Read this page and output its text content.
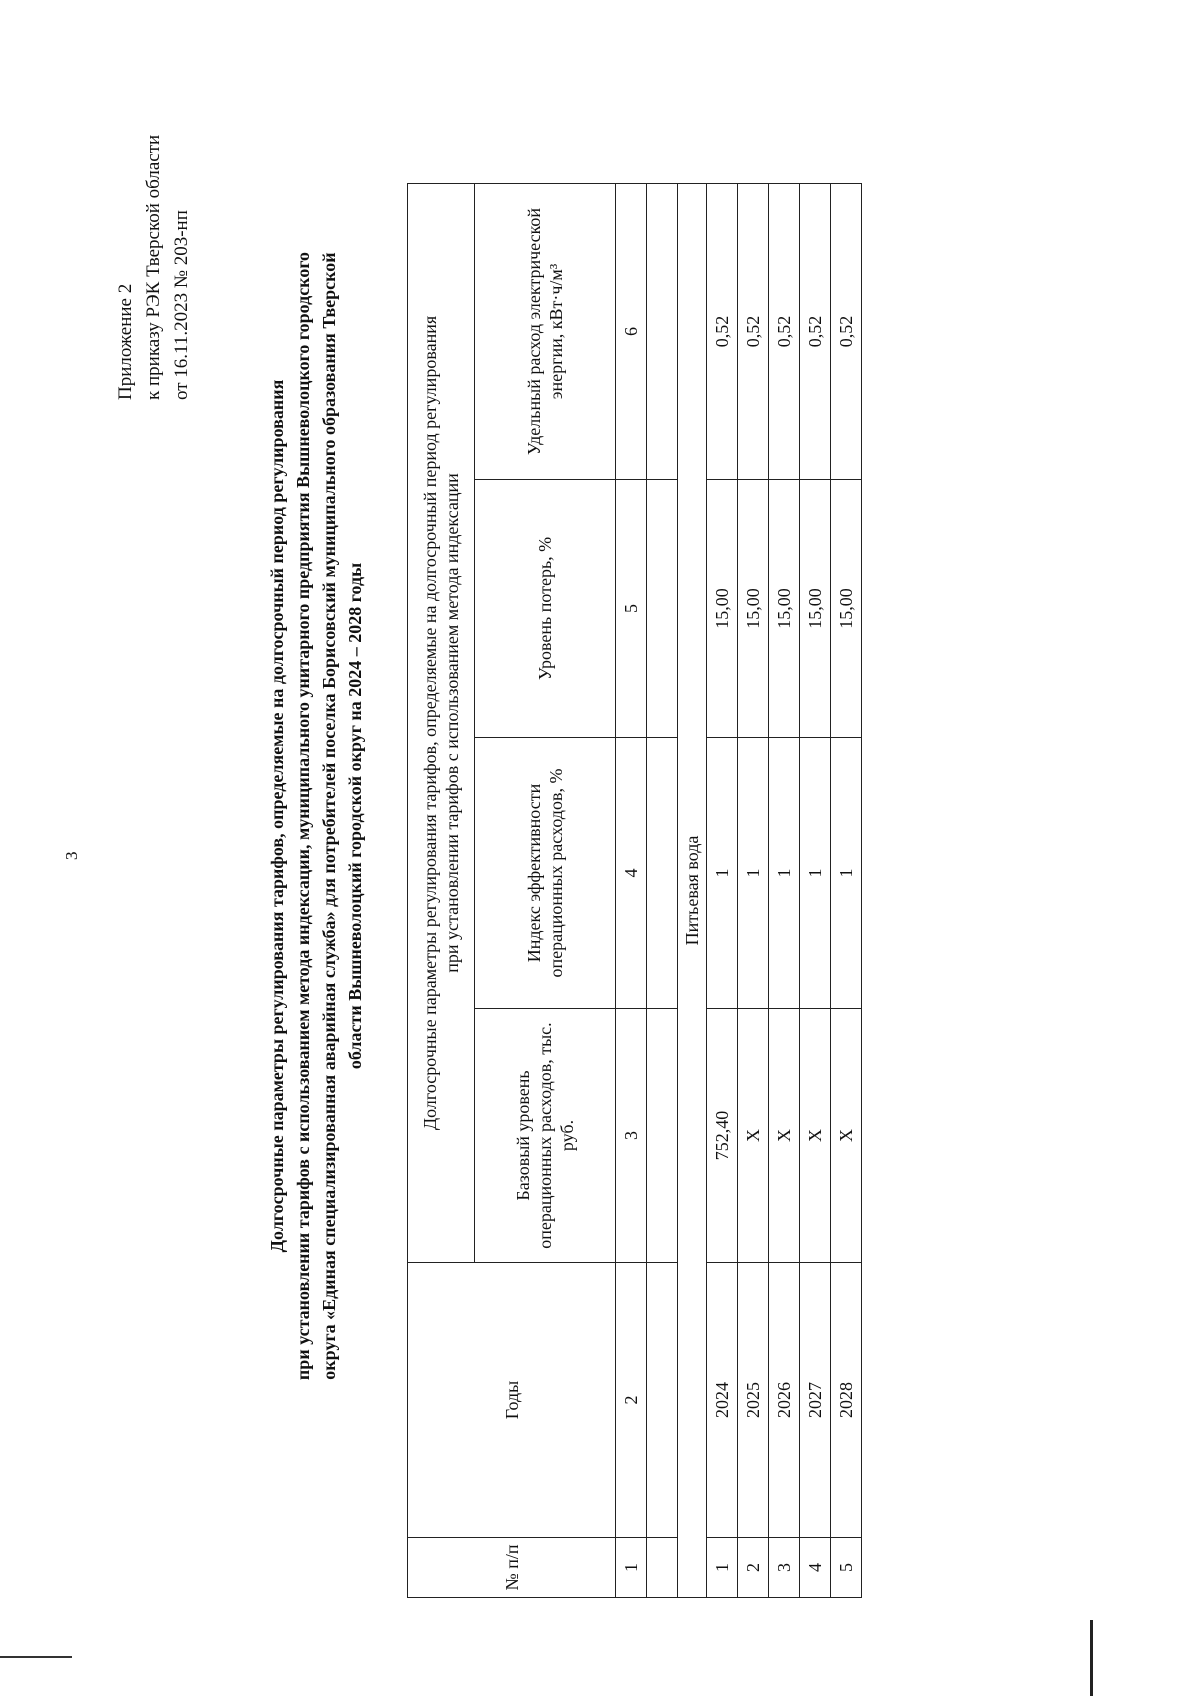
3
Приложение 2 к приказу РЭК Тверской области от 16.11.2023 № 203-нп
Долгосрочные параметры регулирования тарифов, определяемые на долгосрочный период регулирования при установлении тарифов с использованием метода индексации, муниципального унитарного предприятия Вышневолоцкого городского округа «Единая специализированная аварийная служба» для потребителей поселка Борисовский муниципального образования Тверской области Вышневолоцкий городской округ на 2024 – 2028 годы
№ п/п	Годы	Долгосрочные параметры регулирования тарифов, определяемые на долгосрочный период регулирования при установлении тарифов с использованием метода индексации			

		Базовый уровень операционных расходов, тыс. руб.	Индекс эффективности операционных расходов, %	Уровень потерь, %	Удельный расход электрической энергии, кВт·ч/м³
1	2	3	4	5	6

Питьевая вода					
1	2024	752,40	1	15,00	0,52
2	2025	Х	1	15,00	0,52
3	2026	Х	1	15,00	0,52
4	2027	Х	1	15,00	0,52
5	2028	Х	1	15,00	0,52
